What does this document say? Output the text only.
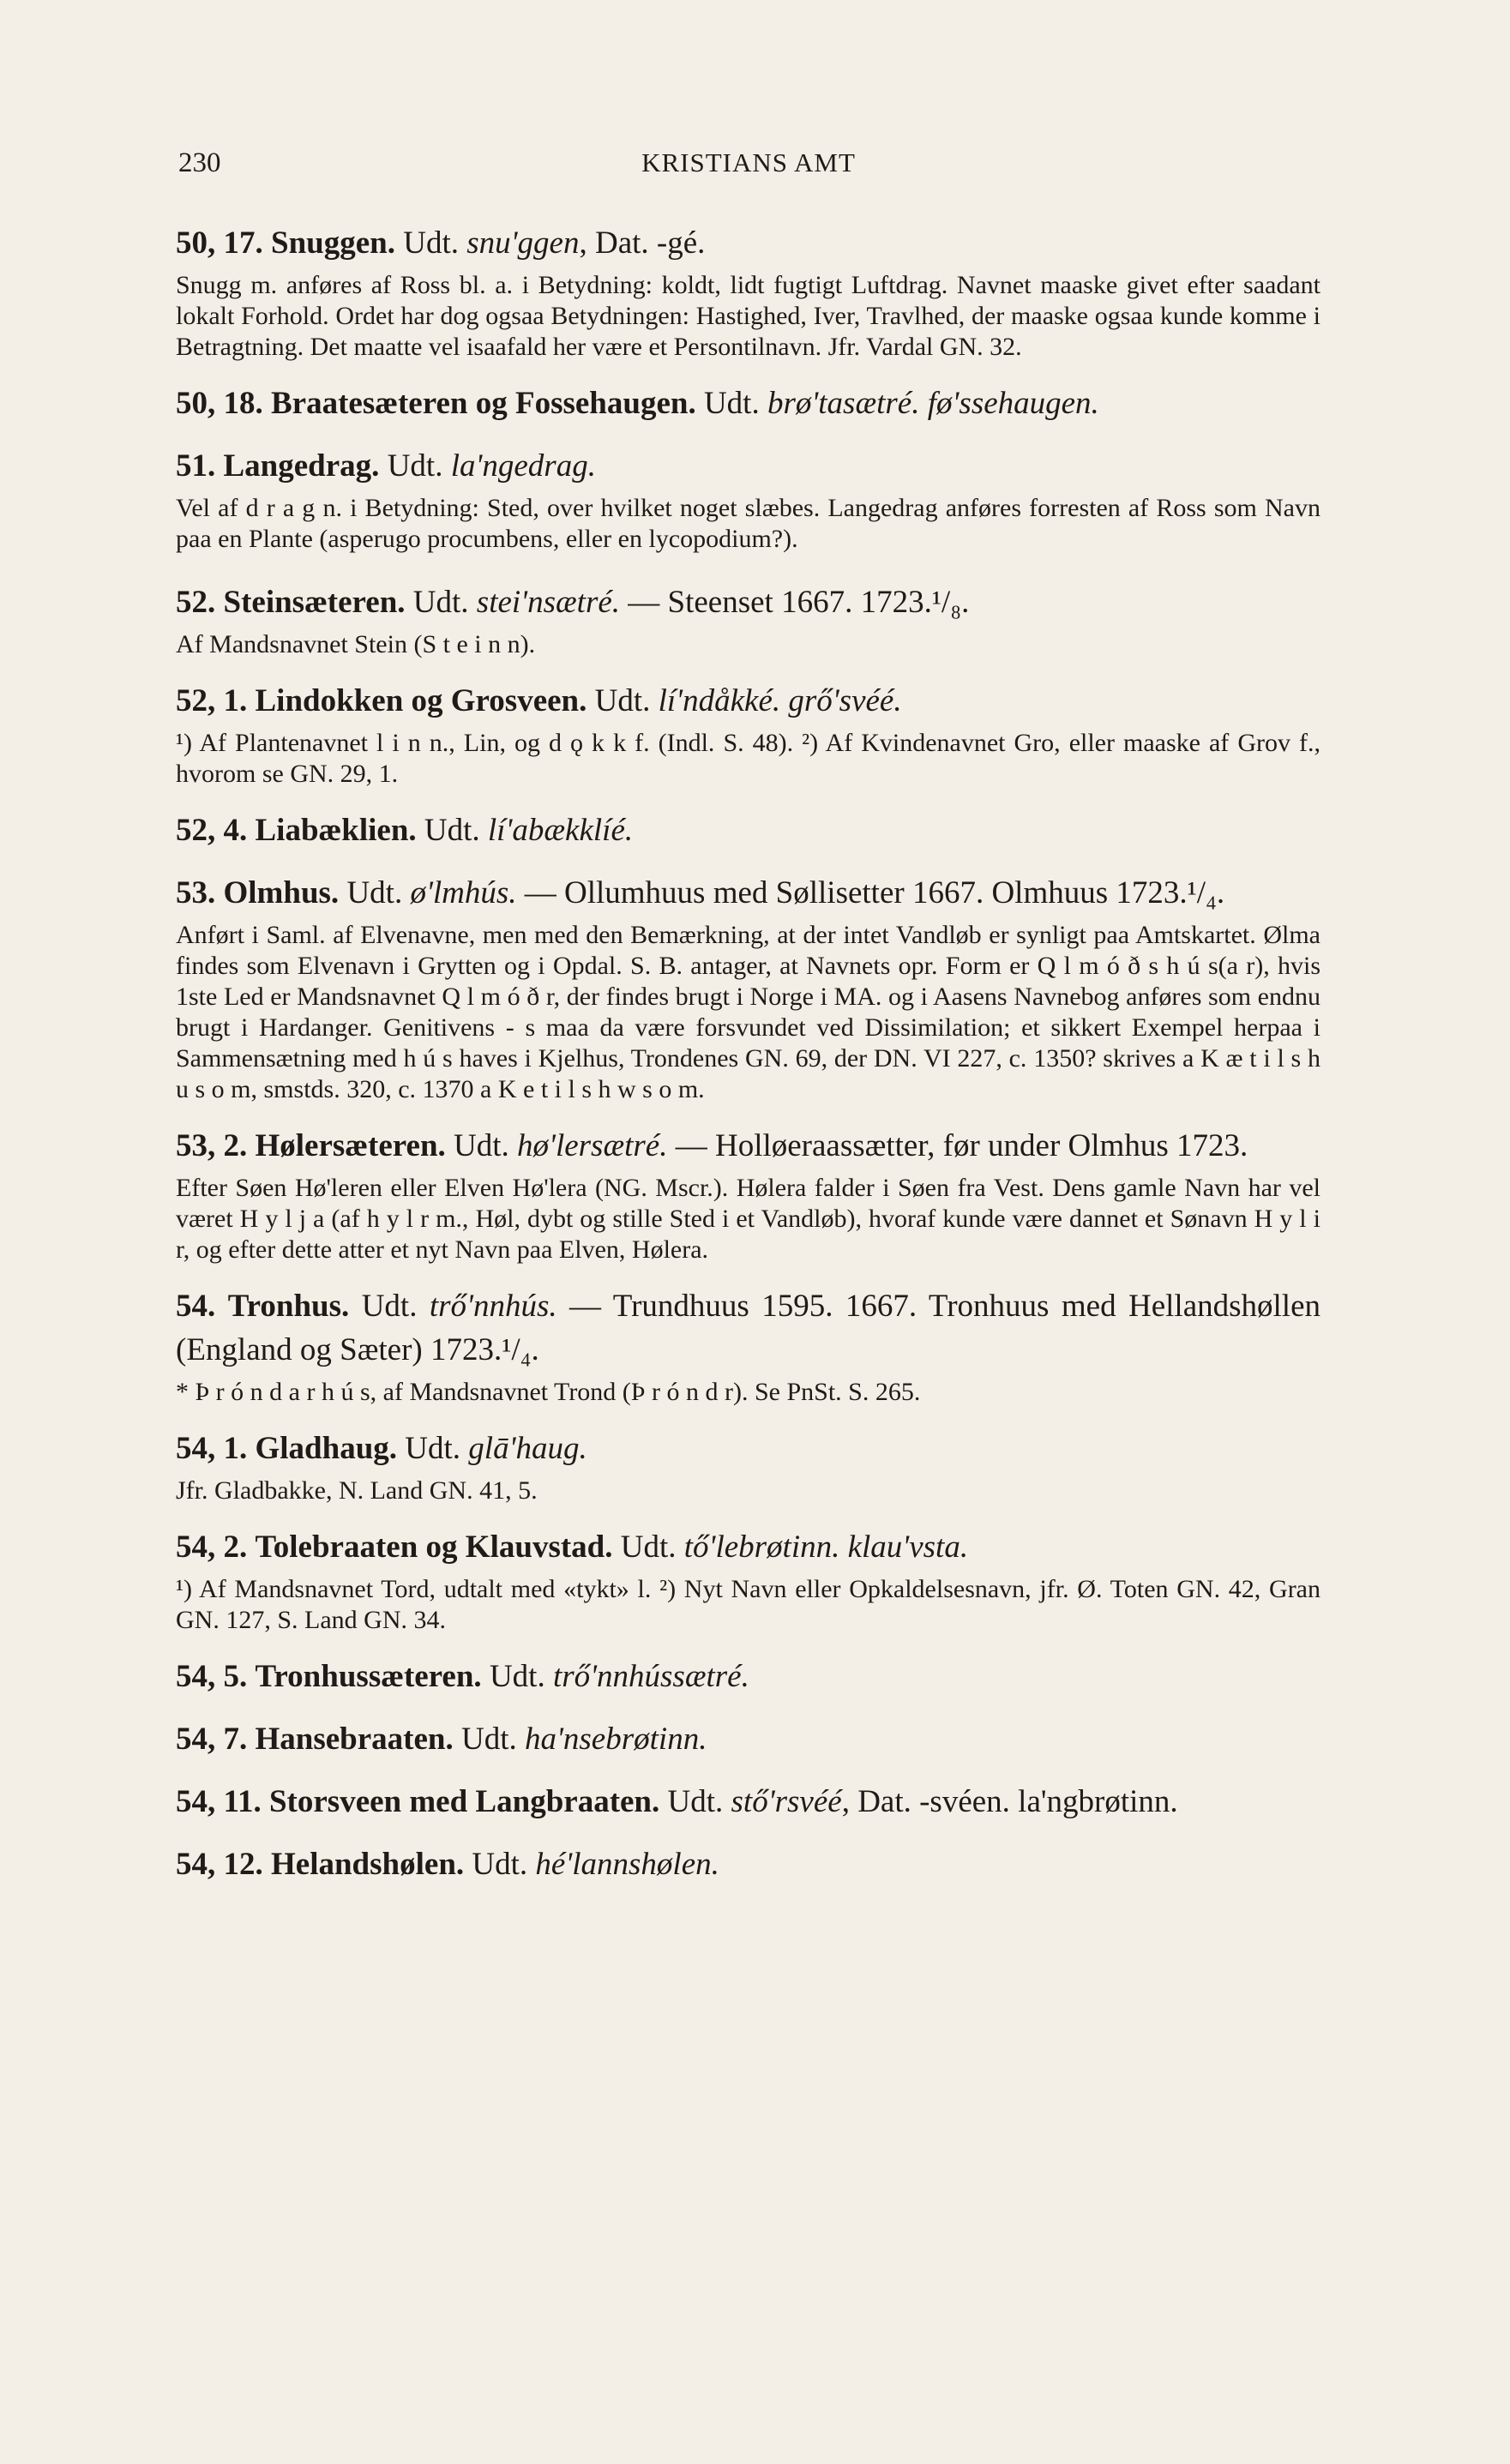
230	KRISTIANS AMT

50, 17. Snuggen. Udt. snu'ggen, Dat. -gé.

Snugg m. anføres af Ross bl. a. i Betydning: koldt, lidt fugtigt Luftdrag. Navnet maaske givet efter saadant lokalt Forhold. Ordet har dog ogsaa Betydningen: Hastighed, Iver, Travlhed, der maaske ogsaa kunde komme i Betragtning. Det maatte vel isaafald her være et Persontilnavn. Jfr. Vardal GN. 32.

50, 18. Braatesæteren og Fossehaugen. Udt. brø'tasætré. fø'ssehaugen.

51. Langedrag. Udt. la'ngedrag.

Vel af d r a g n. i Betydning: Sted, over hvilket noget slæbes. Langedrag anføres forresten af Ross som Navn paa en Plante (asperugo procumbens, eller en lycopodium?).

52. Steinsæteren. Udt. stei'nsætré. — Steenset 1667. 1723.¹/₈.

Af Mandsnavnet Stein (S t e i n n).

52, 1. Lindokken og Grosveen. Udt. lí'ndåkké. grő'svéé.

¹) Af Plantenavnet l i n n., Lin, og d ǫ k k f. (Indl. S. 48). ²) Af Kvindenavnet Gro, eller maaske af Grov f., hvorom se GN. 29, 1.

52, 4. Liabæklien. Udt. lí'abækklíé.

53. Olmhus. Udt. ø'lmhús. — Ollumhuus med Søllisetter 1667. Olmhuus 1723.¹/₄.

Anført i Saml. af Elvenavne, men med den Bemærkning, at der intet Vandløb er synligt paa Amtskartet. Ølma findes som Elvenavn i Grytten og i Opdal. S. B. antager, at Navnets opr. Form er Q l m ó ð s h ú s(a r), hvis 1ste Led er Mandsnavnet Q l m ó ð r, der findes brugt i Norge i MA. og i Aasens Navnebog anføres som endnu brugt i Hardanger. Genitivens - s maa da være forsvundet ved Dissimilation; et sikkert Exempel herpaa i Sammensætning med h ú s haves i Kjelhus, Trondenes GN. 69, der DN. VI 227, c. 1350? skrives a K æ t i l s h u s o m, smstds. 320, c. 1370 a K e t i l s h w s o m.

53, 2. Hølersæteren. Udt. hø'lersætré. — Holløeraassætter, før under Olmhus 1723.

Efter Søen Hø'leren eller Elven Hø'lera (NG. Mscr.). Hølera falder i Søen fra Vest. Dens gamle Navn har vel været H y l j a (af h y l r m., Høl, dybt og stille Sted i et Vandløb), hvoraf kunde være dannet et Sønavn H y l i r, og efter dette atter et nyt Navn paa Elven, Hølera.

54. Tronhus. Udt. trő'nnhús. — Trundhuus 1595. 1667. Tronhuus med Hellandshøllen (England og Sæter) 1723.¹/₄.

* Þ r ó n d a r h ú s, af Mandsnavnet Trond (Þ r ó n d r). Se PnSt. S. 265.

54, 1. Gladhaug. Udt. glā'haug.

Jfr. Gladbakke, N. Land GN. 41, 5.

54, 2. Tolebraaten og Klauvstad. Udt. tő'lebrøtinn. klau'vsta.

¹) Af Mandsnavnet Tord, udtalt med «tykt» l. ²) Nyt Navn eller Opkaldelsesnavn, jfr. Ø. Toten GN. 42, Gran GN. 127, S. Land GN. 34.

54, 5. Tronhussæteren. Udt. trő'nnhússætré.

54, 7. Hansebraaten. Udt. ha'nsebrøtinn.

54, 11. Storsveen med Langbraaten. Udt. stő'rsvéé, Dat. -svéen. la'ngbrøtinn.

54, 12. Helandshølen. Udt. hé'lannshølen.
